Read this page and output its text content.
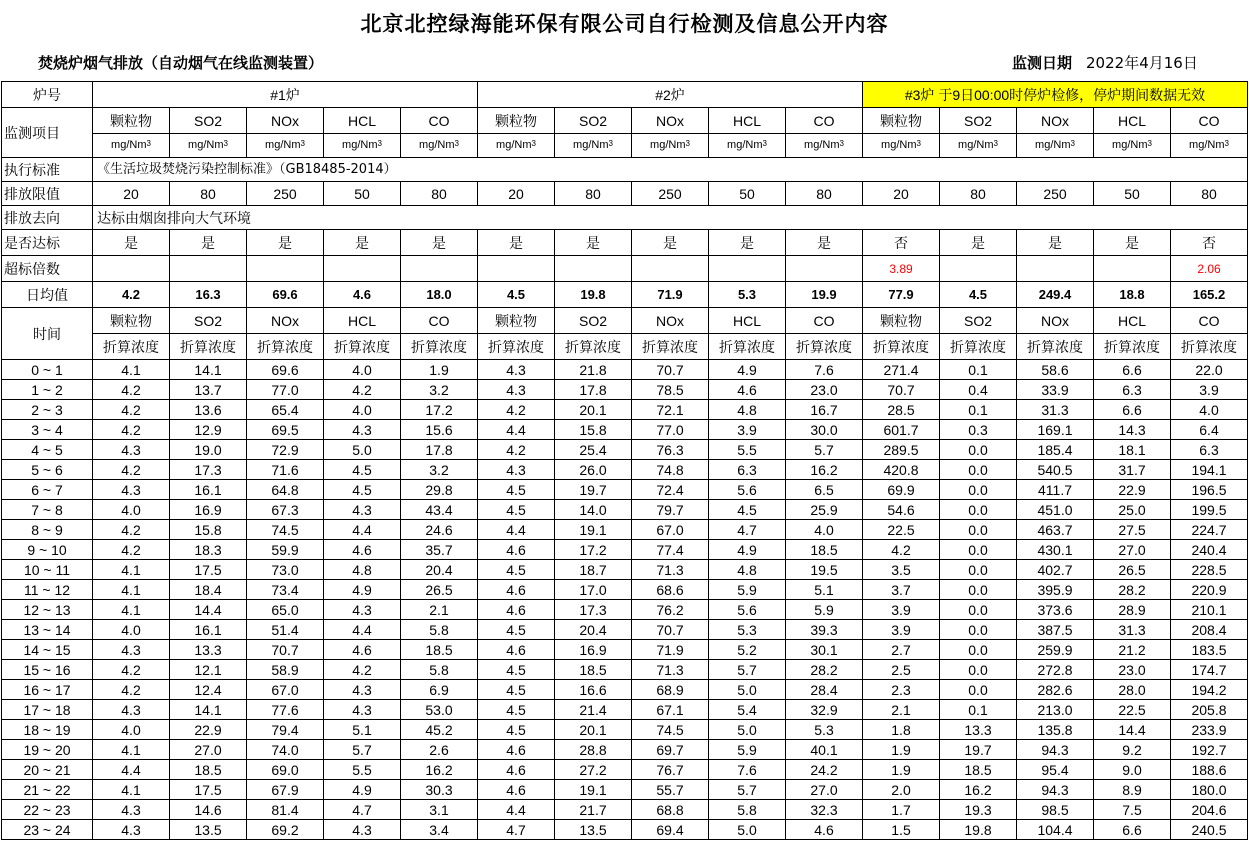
北京北控绿海能环保有限公司自行检测及信息公开内容
焚烧炉烟气排放（自动烟气在线监测装置）	监测日期 2022年4月16日
炉号	#1炉					#2炉					#3炉 于9日00:00时停炉检修，停炉期间数据无效				
监测项目	颗粒物	SO2	NOx	HCL	CO	颗粒物	SO2	NOx	HCL	CO	颗粒物	SO2	NOx	HCL	CO
	mg/Nm$^3$	mg/Nm$^3$	mg/Nm$^3$	mg/Nm$^3$	mg/Nm$^3$	mg/Nm$^3$	mg/Nm$^3$	mg/Nm$^3$	mg/Nm$^3$	mg/Nm$^3$	mg/Nm$^3$	mg/Nm$^3$	mg/Nm$^3$	mg/Nm$^3$	mg/Nm$^3$
执行标准	《生活垃圾焚烧污染控制标准》（GB18485-2014）														
排放限值	20	80	250	50	80	20	80	250	50	80	20	80	250	50	80
排放去向	达标由烟囱排向大气环境														
是否达标	是	是	是	是	是	是	是	是	是	是	否	是	是	是	否
超标倍数											3.89				2.06
日均值	4.2	16.3	69.6	4.6	18.0	4.5	19.8	71.9	5.3	19.9	77.9	4.5	249.4	18.8	165.2
时间	颗粒物	SO2	NOx	HCL	CO	颗粒物	SO2	NOx	HCL	CO	颗粒物	SO2	NOx	HCL	CO
	折算浓度	折算浓度	折算浓度	折算浓度	折算浓度	折算浓度	折算浓度	折算浓度	折算浓度	折算浓度	折算浓度	折算浓度	折算浓度	折算浓度	折算浓度
0 ~ 1	4.1	14.1	69.6	4.0	1.9	4.3	21.8	70.7	4.9	7.6	271.4	0.1	58.6	6.6	22.0
1 ~ 2	4.2	13.7	77.0	4.2	3.2	4.3	17.8	78.5	4.6	23.0	70.7	0.4	33.9	6.3	3.9
2 ~ 3	4.2	13.6	65.4	4.0	17.2	4.2	20.1	72.1	4.8	16.7	28.5	0.1	31.3	6.6	4.0
3 ~ 4	4.2	12.9	69.5	4.3	15.6	4.4	15.8	77.0	3.9	30.0	601.7	0.3	169.1	14.3	6.4
4 ~ 5	4.3	19.0	72.9	5.0	17.8	4.2	25.4	76.3	5.5	5.7	289.5	0.0	185.4	18.1	6.3
5 ~ 6	4.2	17.3	71.6	4.5	3.2	4.3	26.0	74.8	6.3	16.2	420.8	0.0	540.5	31.7	194.1
6 ~ 7	4.3	16.1	64.8	4.5	29.8	4.5	19.7	72.4	5.6	6.5	69.9	0.0	411.7	22.9	196.5
7 ~ 8	4.0	16.9	67.3	4.3	43.4	4.5	14.0	79.7	4.5	25.9	54.6	0.0	451.0	25.0	199.5
8 ~ 9	4.2	15.8	74.5	4.4	24.6	4.4	19.1	67.0	4.7	4.0	22.5	0.0	463.7	27.5	224.7
9 ~ 10	4.2	18.3	59.9	4.6	35.7	4.6	17.2	77.4	4.9	18.5	4.2	0.0	430.1	27.0	240.4
10 ~ 11	4.1	17.5	73.0	4.8	20.4	4.5	18.7	71.3	4.8	19.5	3.5	0.0	402.7	26.5	228.5
11 ~ 12	4.1	18.4	73.4	4.9	26.5	4.6	17.0	68.6	5.9	5.1	3.7	0.0	395.9	28.2	220.9
12 ~ 13	4.1	14.4	65.0	4.3	2.1	4.6	17.3	76.2	5.6	5.9	3.9	0.0	373.6	28.9	210.1
13 ~ 14	4.0	16.1	51.4	4.4	5.8	4.5	20.4	70.7	5.3	39.3	3.9	0.0	387.5	31.3	208.4
14 ~ 15	4.3	13.3	70.7	4.6	18.5	4.6	16.9	71.9	5.2	30.1	2.7	0.0	259.9	21.2	183.5
15 ~ 16	4.2	12.1	58.9	4.2	5.8	4.5	18.5	71.3	5.7	28.2	2.5	0.0	272.8	23.0	174.7
16 ~ 17	4.2	12.4	67.0	4.3	6.9	4.5	16.6	68.9	5.0	28.4	2.3	0.0	282.6	28.0	194.2
17 ~ 18	4.3	14.1	77.6	4.3	53.0	4.5	21.4	67.1	5.4	32.9	2.1	0.1	213.0	22.5	205.8
18 ~ 19	4.0	22.9	79.4	5.1	45.2	4.5	20.1	74.5	5.0	5.3	1.8	13.3	135.8	14.4	233.9
19 ~ 20	4.1	27.0	74.0	5.7	2.6	4.6	28.8	69.7	5.9	40.1	1.9	19.7	94.3	9.2	192.7
20 ~ 21	4.4	18.5	69.0	5.5	16.2	4.6	27.2	76.7	7.6	24.2	1.9	18.5	95.4	9.0	188.6
21 ~ 22	4.1	17.5	67.9	4.9	30.3	4.6	19.1	55.7	5.7	27.0	2.0	16.2	94.3	8.9	180.0
22 ~ 23	4.3	14.6	81.4	4.7	3.1	4.4	21.7	68.8	5.8	32.3	1.7	19.3	98.5	7.5	204.6
23 ~ 24	4.3	13.5	69.2	4.3	3.4	4.7	13.5	69.4	5.0	4.6	1.5	19.8	104.4	6.6	240.5
